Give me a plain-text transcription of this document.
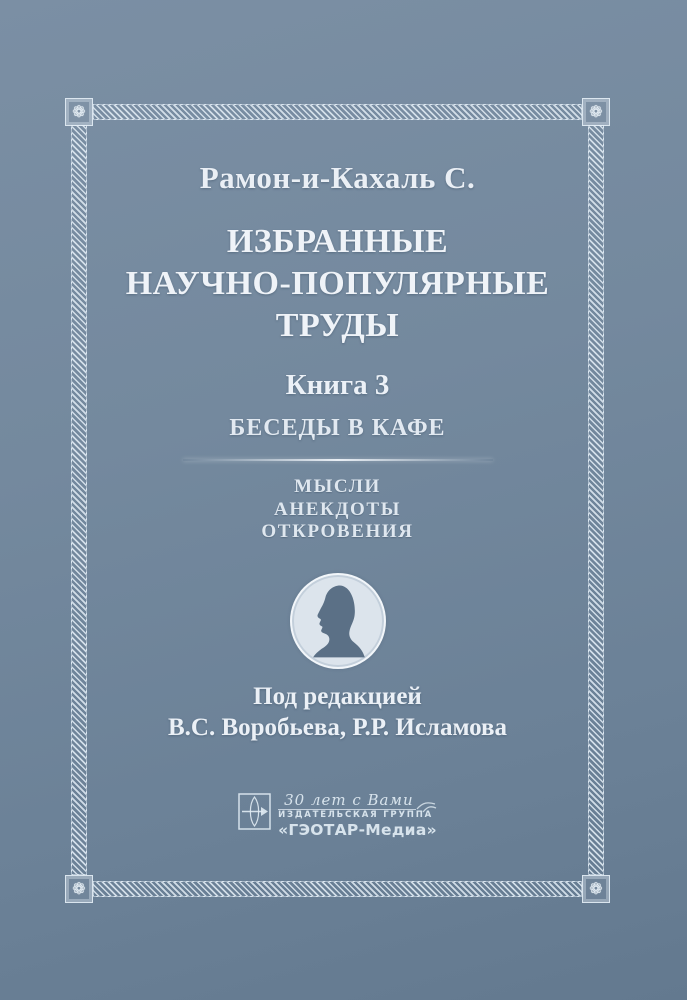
❁	❁
❁	❁
Рамон-и-Кахаль С.
ИЗБРАННЫЕ
НАУЧНО-ПОПУЛЯРНЫЕ
ТРУДЫ
Книга 3
БЕСЕДЫ В КАФЕ
МЫСЛИ
АНЕКДОТЫ
ОТКРОВЕНИЯ
Под редакцией
В.С. Воробьева, Р.Р. Исламова
30 лет с Вами
ИЗДАТЕЛЬСКАЯ ГРУППА
«ГЭОТАР-Медиа»
